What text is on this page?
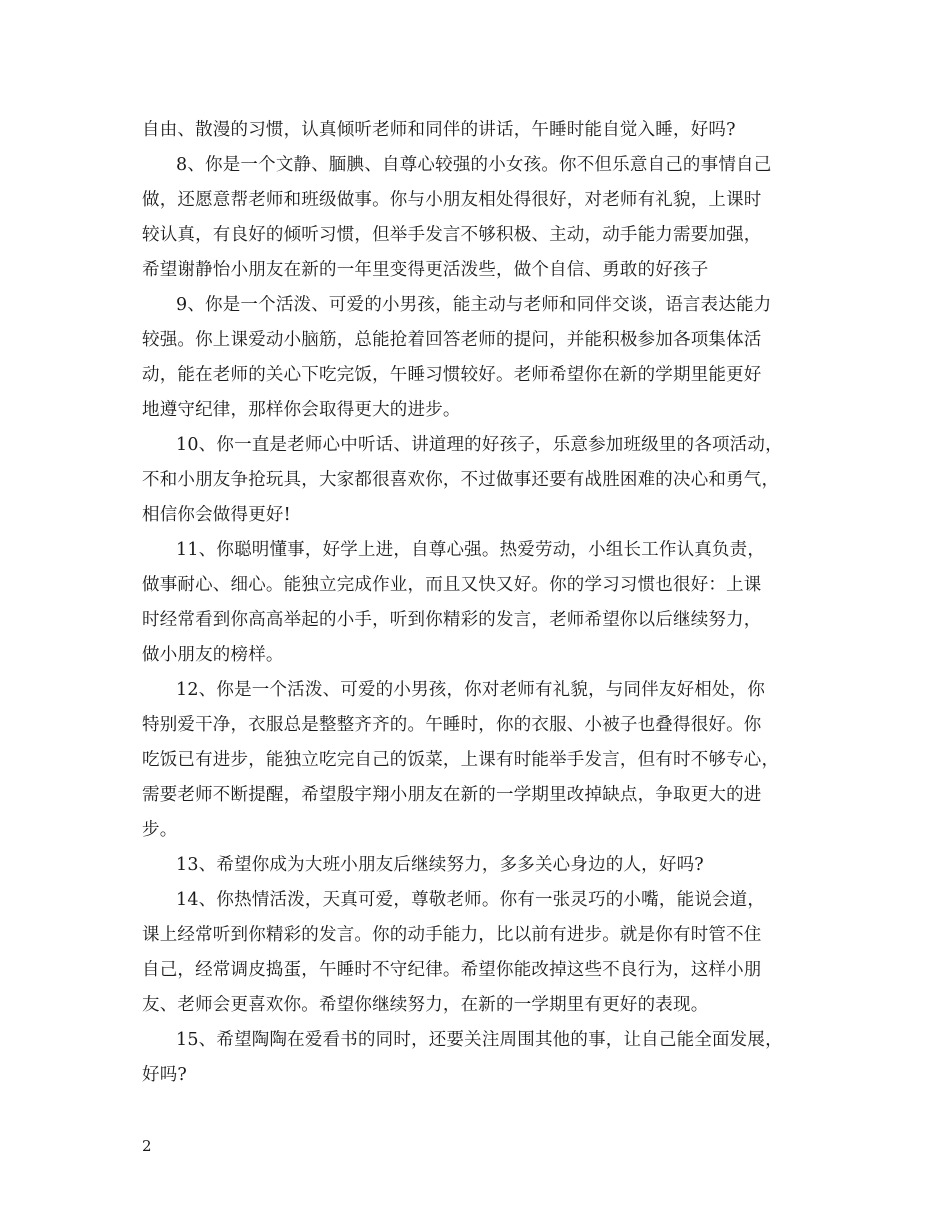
自由、散漫的习惯，认真倾听老师和同伴的讲话，午睡时能自觉入睡，好吗?
8、你是一个文静、腼腆、自尊心较强的小女孩。你不但乐意自己的事情自己
做，还愿意帮老师和班级做事。你与小朋友相处得很好，对老师有礼貌，上课时
较认真，有良好的倾听习惯，但举手发言不够积极、主动，动手能力需要加强，
希望谢静怡小朋友在新的一年里变得更活泼些，做个自信、勇敢的好孩子
9、你是一个活泼、可爱的小男孩，能主动与老师和同伴交谈，语言表达能力
较强。你上课爱动小脑筋，总能抢着回答老师的提问，并能积极参加各项集体活
动，能在老师的关心下吃完饭，午睡习惯较好。老师希望你在新的学期里能更好
地遵守纪律，那样你会取得更大的进步。
10、你一直是老师心中听话、讲道理的好孩子，乐意参加班级里的各项活动，
不和小朋友争抢玩具，大家都很喜欢你，不过做事还要有战胜困难的决心和勇气，
相信你会做得更好!
11、你聪明懂事，好学上进，自尊心强。热爱劳动，小组长工作认真负责，
做事耐心、细心。能独立完成作业，而且又快又好。你的学习习惯也很好：上课
时经常看到你高高举起的小手，听到你精彩的发言，老师希望你以后继续努力，
做小朋友的榜样。
12、你是一个活泼、可爱的小男孩，你对老师有礼貌，与同伴友好相处，你
特别爱干净，衣服总是整整齐齐的。午睡时，你的衣服、小被子也叠得很好。你
吃饭已有进步，能独立吃完自己的饭菜，上课有时能举手发言，但有时不够专心，
需要老师不断提醒，希望殷宇翔小朋友在新的一学期里改掉缺点，争取更大的进
步。
13、希望你成为大班小朋友后继续努力，多多关心身边的人，好吗?
14、你热情活泼，天真可爱，尊敬老师。你有一张灵巧的小嘴，能说会道，
课上经常听到你精彩的发言。你的动手能力，比以前有进步。就是你有时管不住
自己，经常调皮捣蛋，午睡时不守纪律。希望你能改掉这些不良行为，这样小朋
友、老师会更喜欢你。希望你继续努力，在新的一学期里有更好的表现。
15、希望陶陶在爱看书的同时，还要关注周围其他的事，让自己能全面发展，
好吗?
2
